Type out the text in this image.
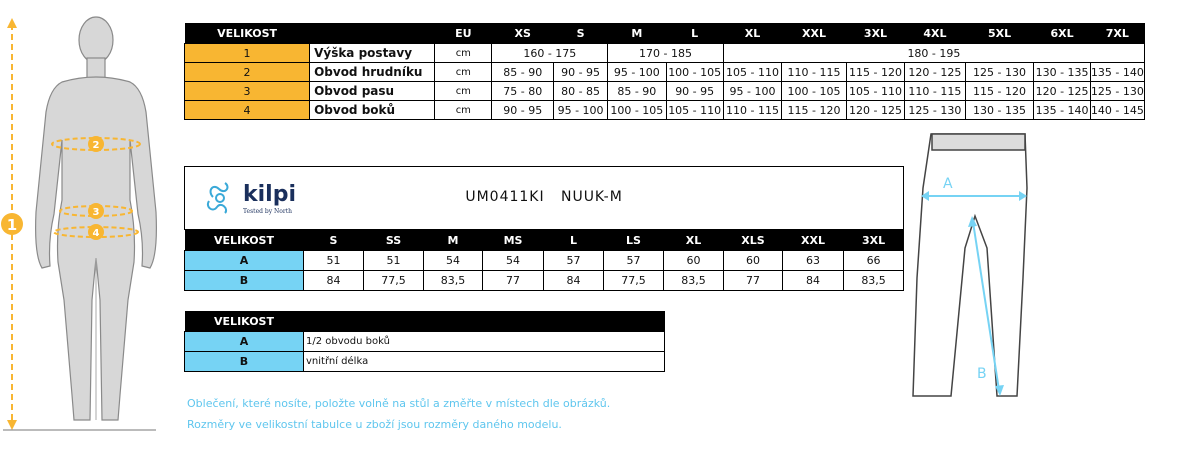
1
2
3
4
VELIKOST		EU	XS	S	M	L	XL	XXL	3XL	4XL	5XL	6XL	7XL
1	Výška postavy	cm	160 - 175		170 - 185		180 - 195						
2	Obvod hrudníku	cm	85 - 90	90 - 95	95 - 100	100 - 105	105 - 110	110 - 115	115 - 120	120 - 125	125 - 130	130 - 135	135 - 140
3	Obvod pasu	cm	75 - 80	80 - 85	85 - 90	90 - 95	95 - 100	100 - 105	105 - 110	110 - 115	115 - 120	120 - 125	125 - 130
4	Obvod boků	cm	90 - 95	95 - 100	100 - 105	105 - 110	110 - 115	115 - 120	120 - 125	125 - 130	130 - 135	135 - 140	140 - 145
kilpi
Tested by North
UM0411KI NUUK-M										

VELIKOST	S	SS	M	MS	L	LS	XL	XLS	XXL	3XL
A	51	51	54	54	57	57	60	60	63	66
B	84	77,5	83,5	77	84	77,5	83,5	77	84	83,5
VELIKOST	
A	1/2 obvodu boků
B	vnitřní délka
Oblečení, které nosíte, položte volně na stůl a změřte v místech dle obrázků.
Rozměry ve velikostní tabulce u zboží jsou rozměry daného modelu.
A
B
